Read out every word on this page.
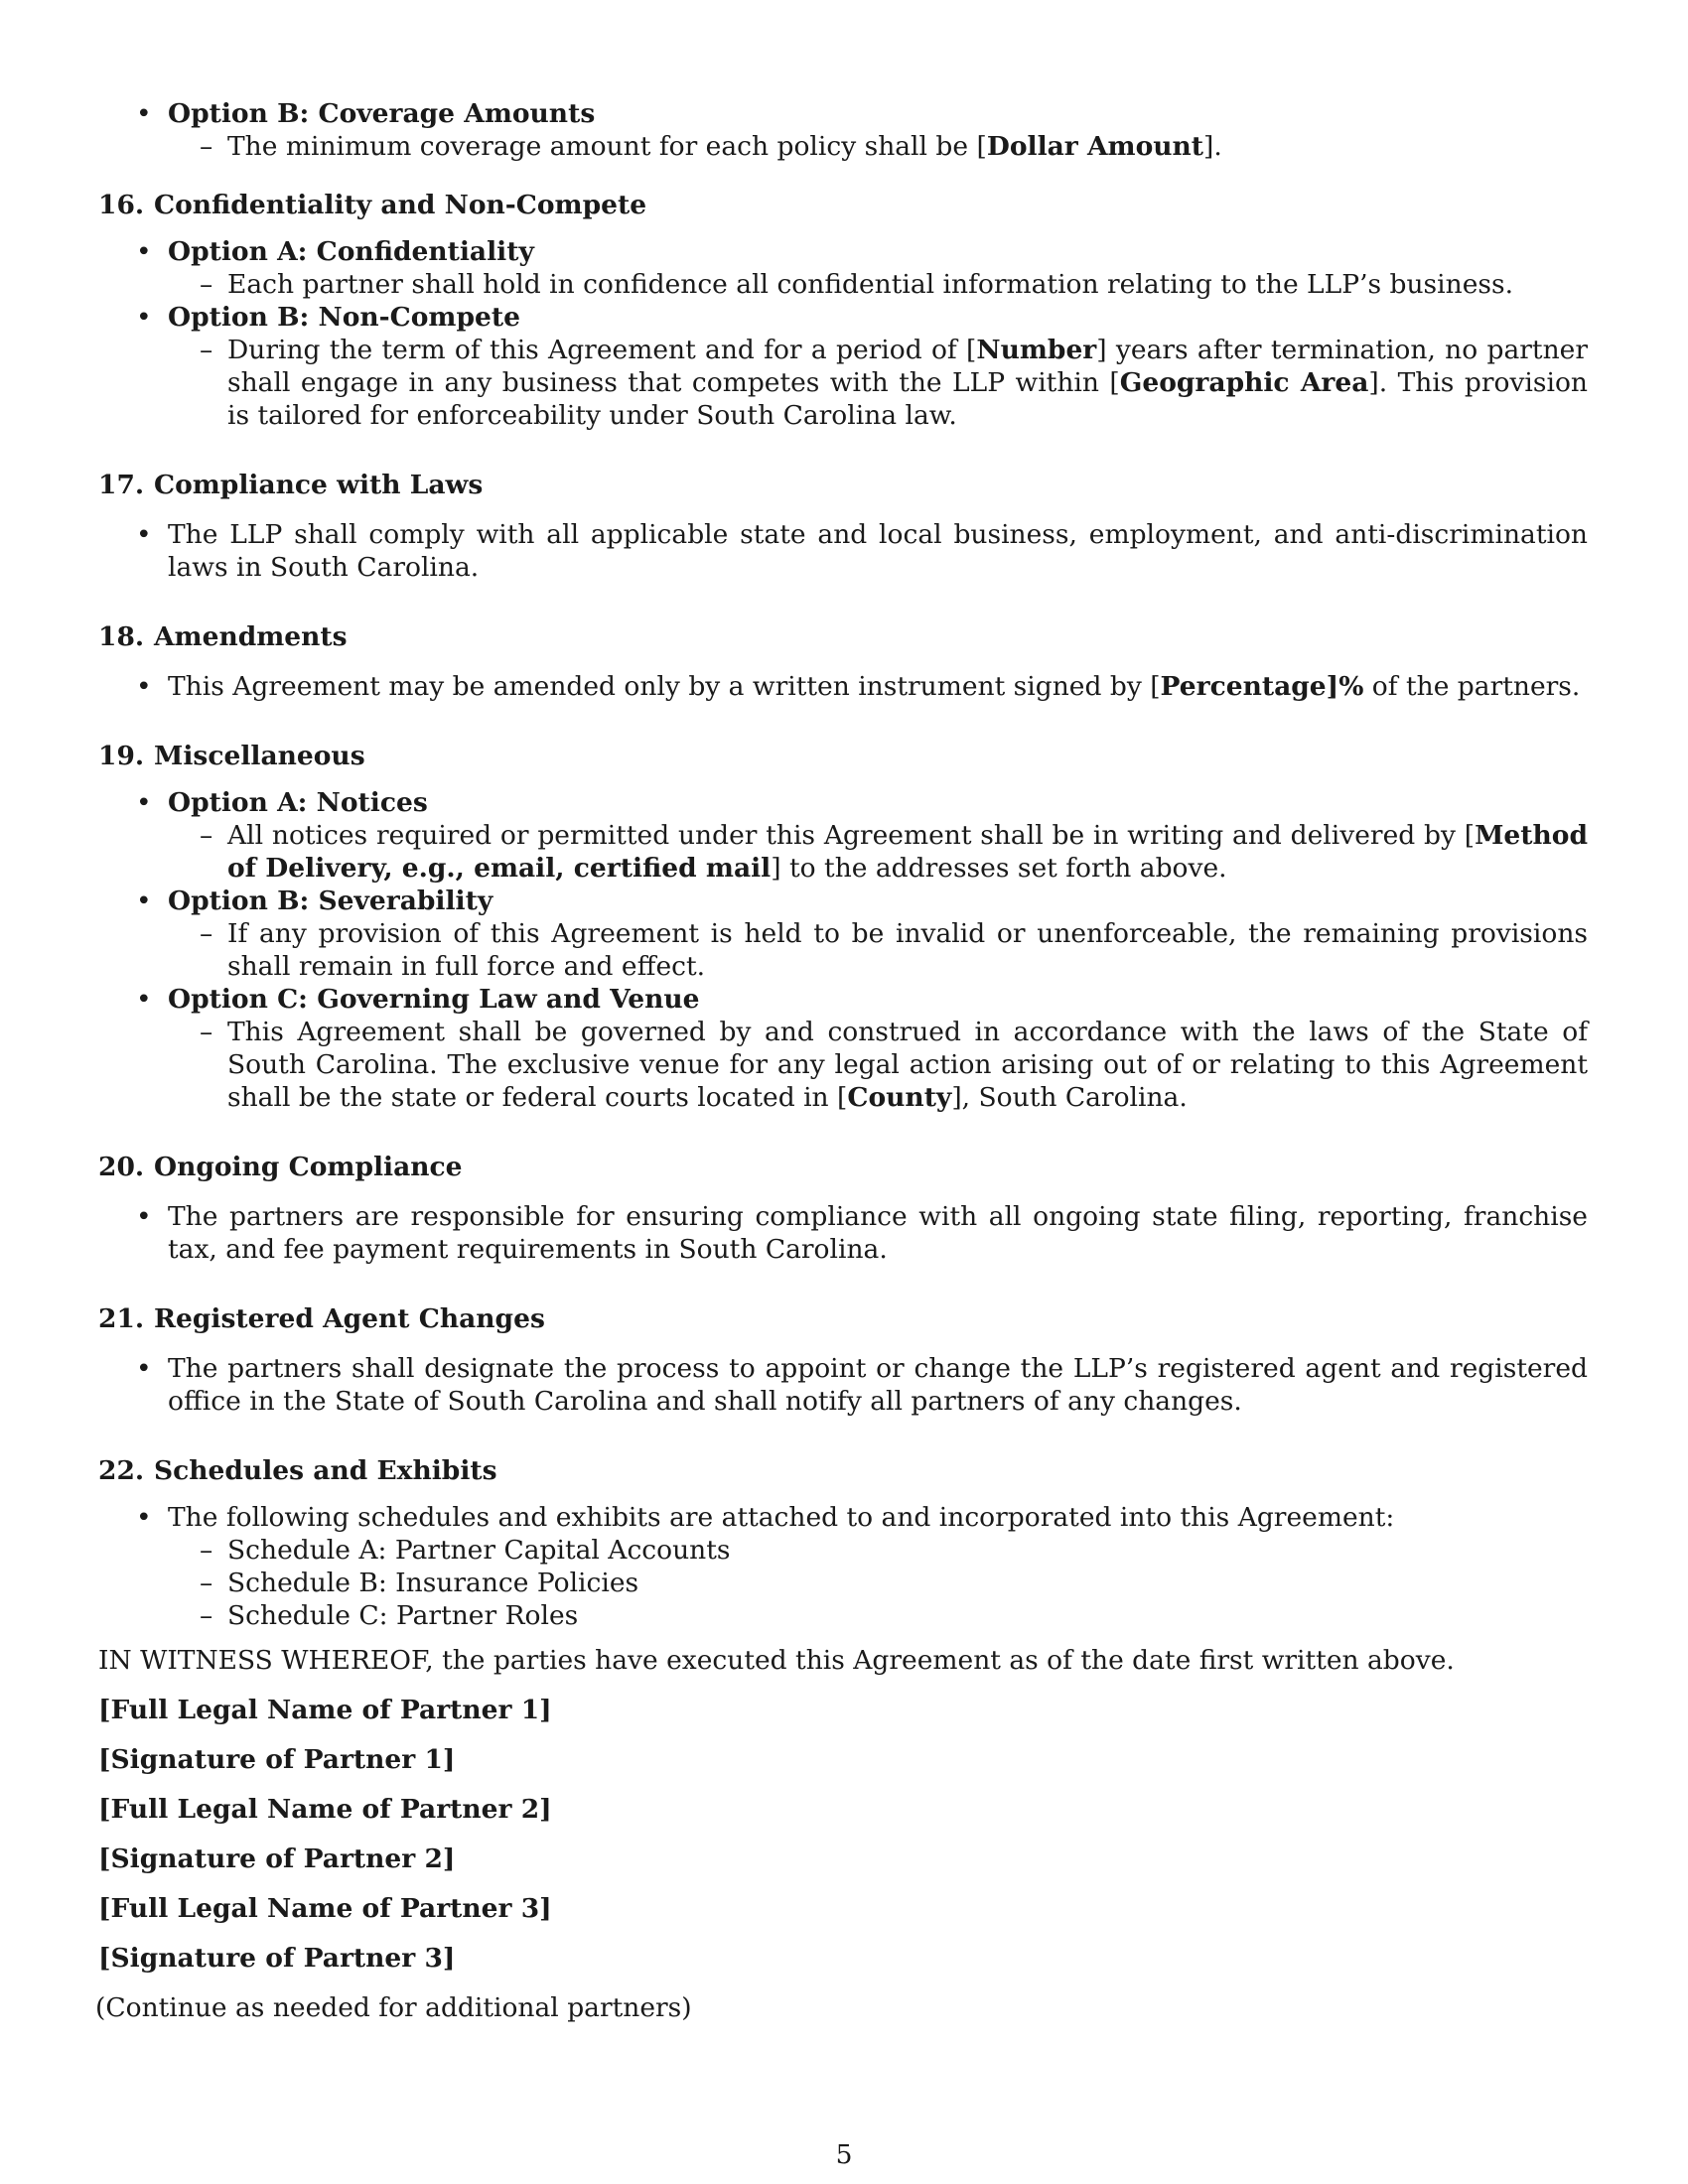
• Option B: Coverage Amounts
– The minimum coverage amount for each policy shall be [Dollar Amount].
16. Confidentiality and Non-Compete
• Option A: Confidentiality
– Each partner shall hold in confidence all confidential information relating to the LLP’s business.
• Option B: Non-Compete
– During the term of this Agreement and for a period of [Number] years after termination, no partner shall engage in any business that competes with the LLP within [Geographic Area]. This provision is tailored for enforceability under South Carolina law.
17. Compliance with Laws
• The LLP shall comply with all applicable state and local business, employment, and anti-discrimination laws in South Carolina.
18. Amendments
• This Agreement may be amended only by a written instrument signed by [Percentage]% of the partners.
19. Miscellaneous
• Option A: Notices
– All notices required or permitted under this Agreement shall be in writing and delivered by [Method of Delivery, e.g., email, certified mail] to the addresses set forth above.
• Option B: Severability
– If any provision of this Agreement is held to be invalid or unenforceable, the remaining provisions shall remain in full force and effect.
• Option C: Governing Law and Venue
– This Agreement shall be governed by and construed in accordance with the laws of the State of South Carolina. The exclusive venue for any legal action arising out of or relating to this Agreement shall be the state or federal courts located in [County], South Carolina.
20. Ongoing Compliance
• The partners are responsible for ensuring compliance with all ongoing state filing, reporting, franchise tax, and fee payment requirements in South Carolina.
21. Registered Agent Changes
• The partners shall designate the process to appoint or change the LLP’s registered agent and registered office in the State of South Carolina and shall notify all partners of any changes.
22. Schedules and Exhibits
• The following schedules and exhibits are attached to and incorporated into this Agreement:
– Schedule A: Partner Capital Accounts
– Schedule B: Insurance Policies
– Schedule C: Partner Roles
IN WITNESS WHEREOF, the parties have executed this Agreement as of the date first written above.
[Full Legal Name of Partner 1]
[Signature of Partner 1]
[Full Legal Name of Partner 2]
[Signature of Partner 2]
[Full Legal Name of Partner 3]
[Signature of Partner 3]
(Continue as needed for additional partners)
5
